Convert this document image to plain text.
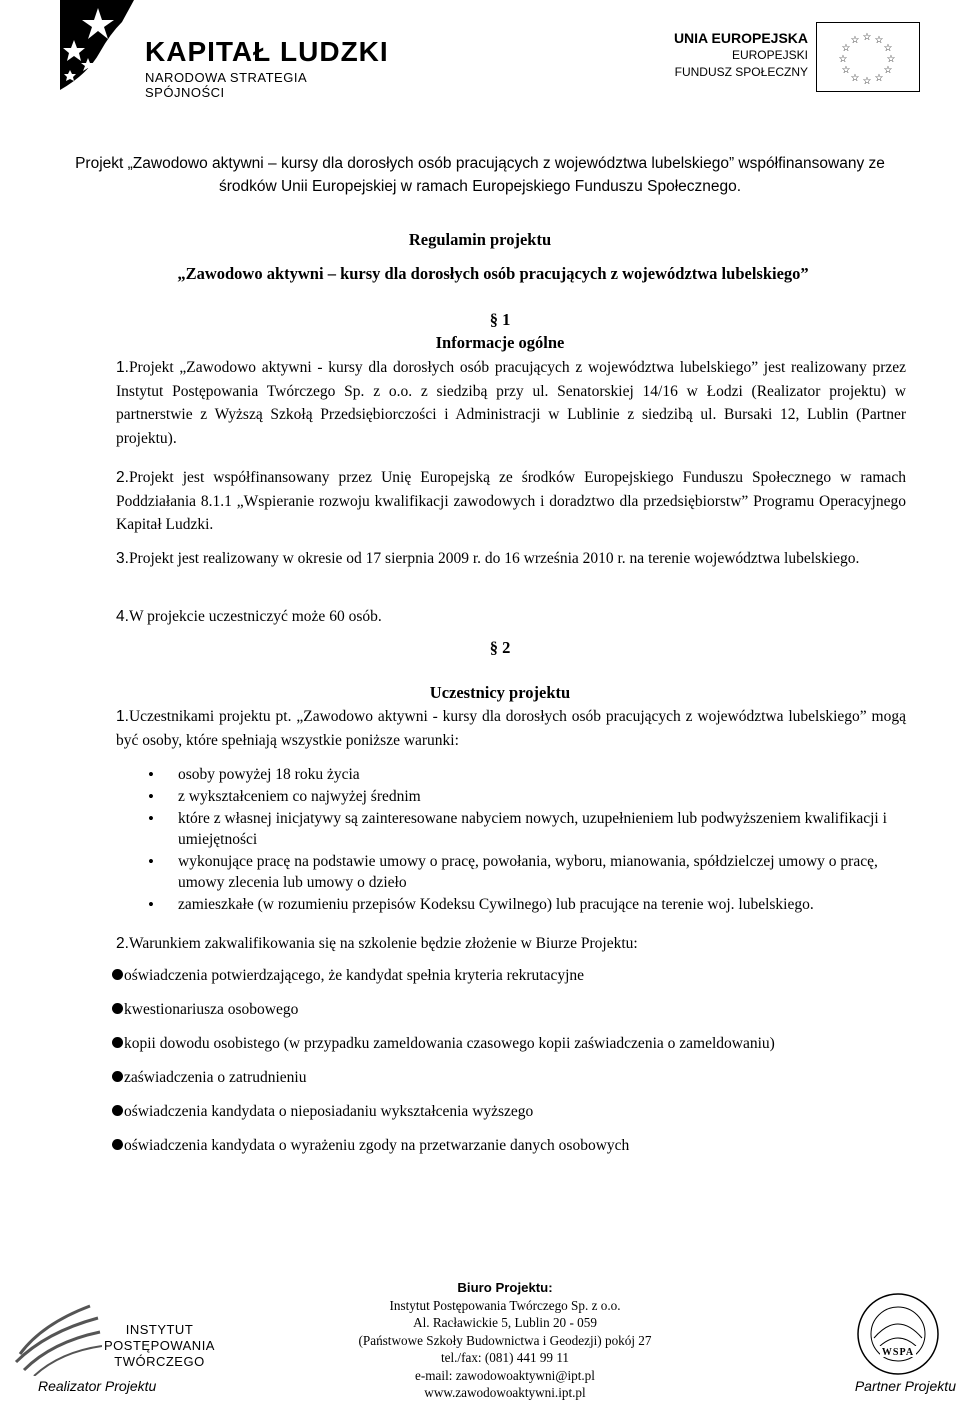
KAPITAŁ LUDZKI
NARODOWA STRATEGIA SPÓJNOŚCI
UNIA EUROPEJSKA
EUROPEJSKI
FUNDUSZ SPOŁECZNY
☆ ☆
☆
☆
☆
☆
☆
☆
☆
☆
☆
☆
Projekt „Zawodowo aktywni – kursy dla dorosłych osób pracujących z województwa lubelskiego” współfinansowany ze
środków Unii Europejskiej w ramach Europejskiego Funduszu Społecznego.
Regulamin projektu
„Zawodowo aktywni – kursy dla dorosłych osób pracujących z województwa lubelskiego”
§ 1
Informacje ogólne
1.Projekt „Zawodowo aktywni - kursy dla dorosłych osób pracujących z województwa lubelskiego” jest realizowany przez Instytut Postępowania Twórczego Sp. z o.o. z siedzibą przy ul. Senatorskiej 14/16 w Łodzi (Realizator projektu) w partnerstwie z Wyższą Szkołą Przedsiębiorczości i Administracji w Lublinie z siedzibą ul. Bursaki 12, Lublin (Partner projektu).
2.Projekt jest współfinansowany przez Unię Europejską ze środków Europejskiego Funduszu Społecznego w ramach Poddziałania 8.1.1 „Wspieranie rozwoju kwalifikacji zawodowych i doradztwo dla przedsiębiorstw” Programu Operacyjnego Kapitał Ludzki.
3.Projekt jest realizowany w okresie od 17 sierpnia 2009 r. do 16 września 2010 r. na terenie województwa lubelskiego.
4.W projekcie uczestniczyć może 60 osób.
§ 2
Uczestnicy projektu
1.Uczestnikami projektu pt. „Zawodowo aktywni - kursy dla dorosłych osób pracujących z województwa lubelskiego” mogą być osoby, które spełniają wszystkie poniższe warunki:
• osoby powyżej 18 roku życia
• z wykształceniem co najwyżej średnim
• które z własnej inicjatywy są zainteresowane nabyciem nowych, uzupełnieniem lub podwyższeniem kwalifikacji i umiejętności
• wykonujące pracę na podstawie umowy o pracę, powołania, wyboru, mianowania, spółdzielczej umowy o pracę, umowy zlecenia lub umowy o dzieło
• zamieszkałe (w rozumieniu przepisów Kodeksu Cywilnego) lub pracujące na terenie woj. lubelskiego.
2.Warunkiem zakwalifikowania się na szkolenie będzie złożenie w Biurze Projektu:
oświadczenia potwierdzającego, że kandydat spełnia kryteria rekrutacyjne
kwestionariusza osobowego
kopii dowodu osobistego (w przypadku zameldowania czasowego kopii zaświadczenia o zameldowaniu)
zaświadczenia o zatrudnieniu
oświadczenia kandydata o nieposiadaniu wykształcenia wyższego
oświadczenia kandydata o wyrażeniu zgody na przetwarzanie danych osobowych
INSTYTUT
POSTĘPOWANIA
TWÓRCZEGO
Biuro Projektu:
Instytut Postępowania Twórczego Sp. z o.o.
Al. Racławickie 5, Lublin 20 - 059
(Państwowe Szkoły Budownictwa i Geodezji) pokój 27
tel./fax: (081) 441 99 11
e-mail: zawodowoaktywni@ipt.pl
www.zawodowoaktywni.ipt.pl
WSPA
Realizator Projektu	Partner Projektu
